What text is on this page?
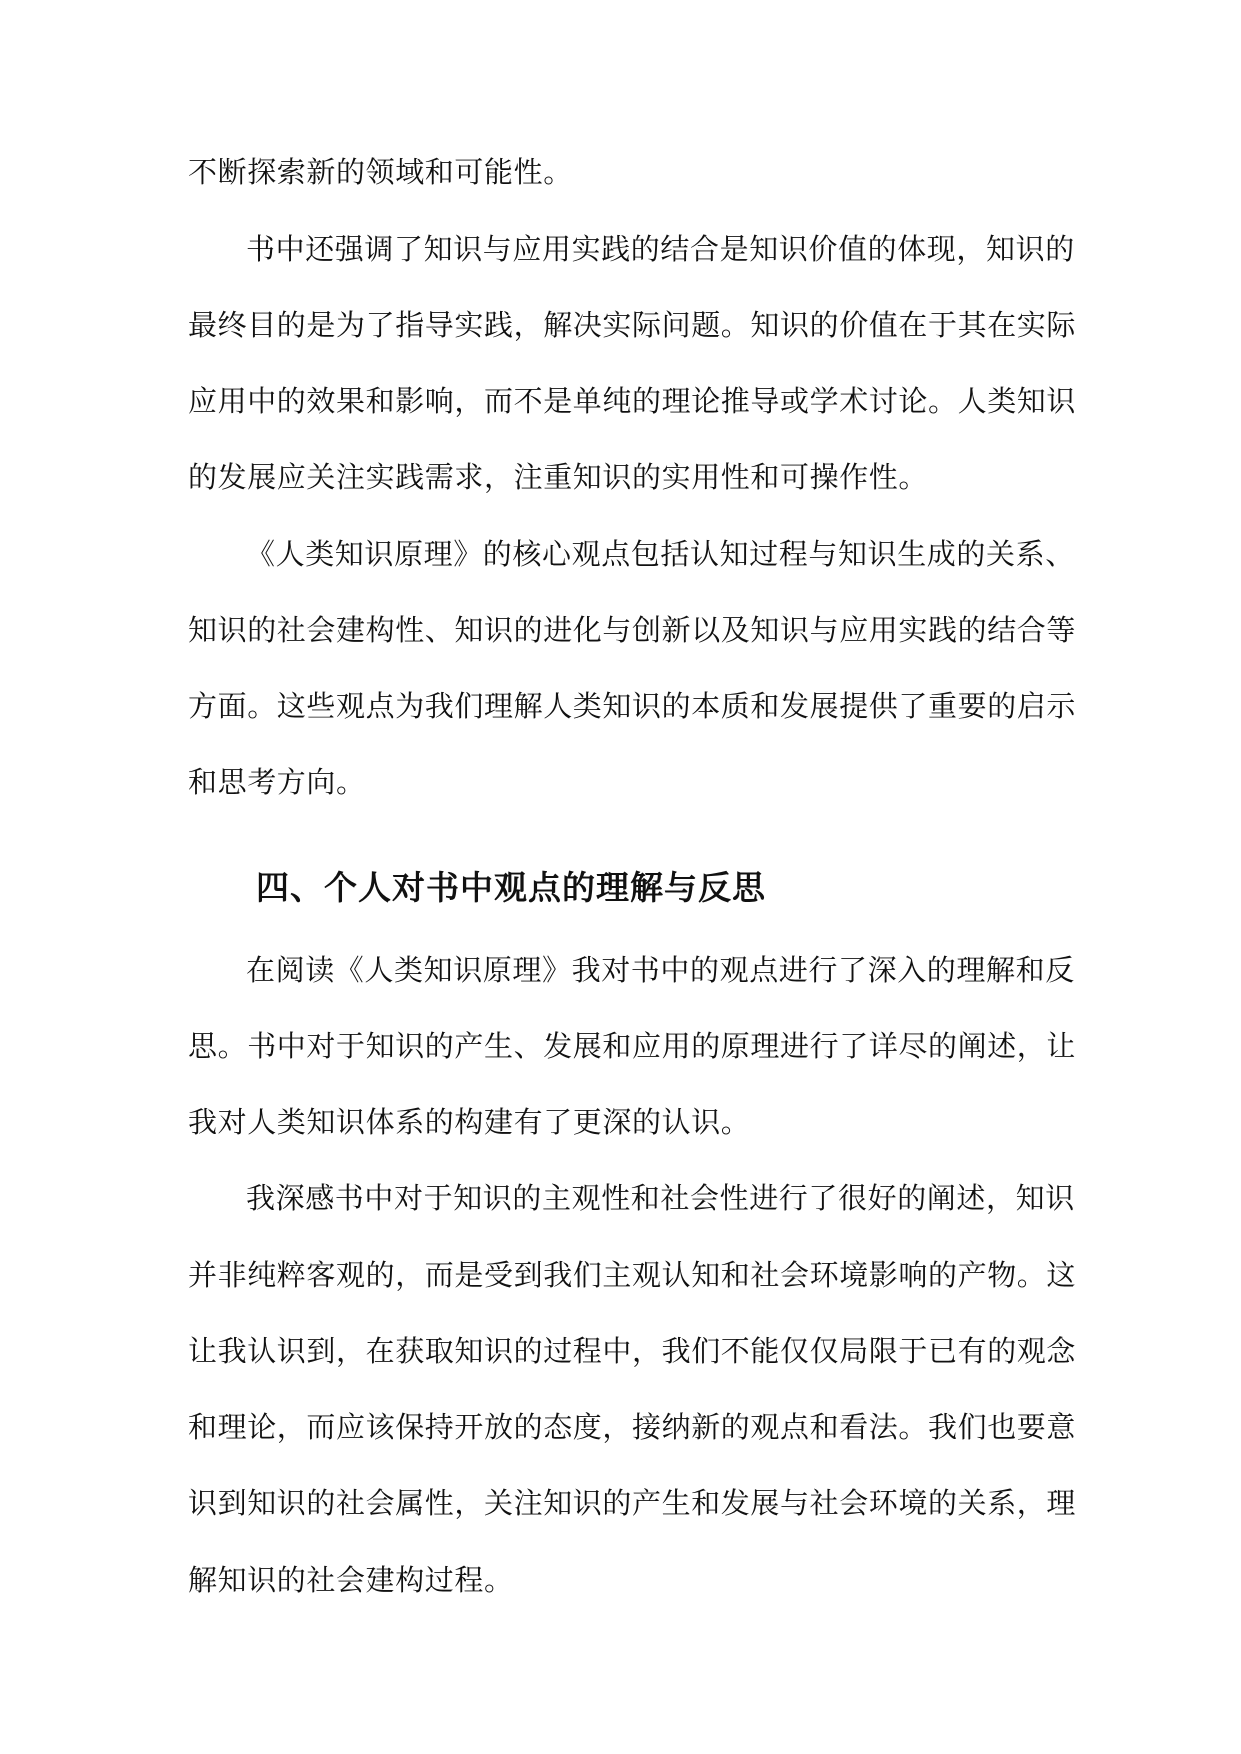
不断探索新的领域和可能性。

书中还强调了知识与应用实践的结合是知识价值的体现，知识的

最终目的是为了指导实践，解决实际问题。知识的价值在于其在实际

应用中的效果和影响，而不是单纯的理论推导或学术讨论。人类知识

的发展应关注实践需求，注重知识的实用性和可操作性。

《人类知识原理》的核心观点包括认知过程与知识生成的关系、

知识的社会建构性、知识的进化与创新以及知识与应用实践的结合等

方面。这些观点为我们理解人类知识的本质和发展提供了重要的启示

和思考方向。

四、个人对书中观点的理解与反思

在阅读《人类知识原理》我对书中的观点进行了深入的理解和反

思。书中对于知识的产生、发展和应用的原理进行了详尽的阐述，让

我对人类知识体系的构建有了更深的认识。

我深感书中对于知识的主观性和社会性进行了很好的阐述，知识

并非纯粹客观的，而是受到我们主观认知和社会环境影响的产物。这

让我认识到，在获取知识的过程中，我们不能仅仅局限于已有的观念

和理论，而应该保持开放的态度，接纳新的观点和看法。我们也要意

识到知识的社会属性，关注知识的产生和发展与社会环境的关系，理

解知识的社会建构过程。
